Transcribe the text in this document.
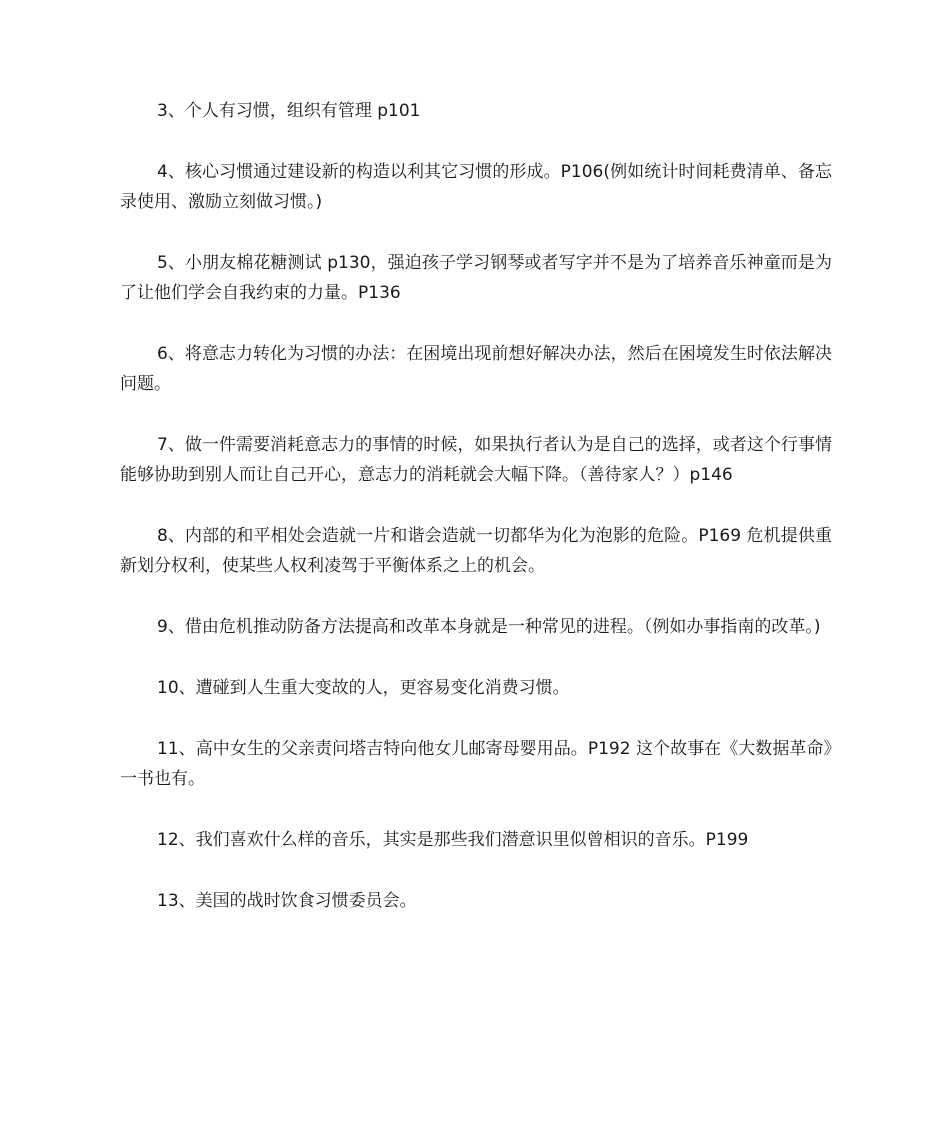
3、个人有习惯，组织有管理 p101

4、核心习惯通过建设新的构造以利其它习惯的形成。P106(例如统计时间耗费清单、备忘录使用、激励立刻做习惯。)

5、小朋友棉花糖测试 p130，强迫孩子学习钢琴或者写字并不是为了培养音乐神童而是为了让他们学会自我约束的力量。P136

6、将意志力转化为习惯的办法：在困境出现前想好解决办法，然后在困境发生时依法解决问题。

7、做一件需要消耗意志力的事情的时候，如果执行者认为是自己的选择，或者这个行事情能够协助到别人而让自己开心，意志力的消耗就会大幅下降。（善待家人？）p146

8、内部的和平相处会造就一片和谐会造就一切都华为化为泡影的危险。P169 危机提供重新划分权利，使某些人权利凌驾于平衡体系之上的机会。

9、借由危机推动防备方法提高和改革本身就是一种常见的进程。（例如办事指南的改革。)

10、遭碰到人生重大变故的人，更容易变化消费习惯。

11、高中女生的父亲责问塔吉特向他女儿邮寄母婴用品。P192 这个故事在《大数据革命》一书也有。

12、我们喜欢什么样的音乐，其实是那些我们潜意识里似曾相识的音乐。P199

13、美国的战时饮食习惯委员会。
